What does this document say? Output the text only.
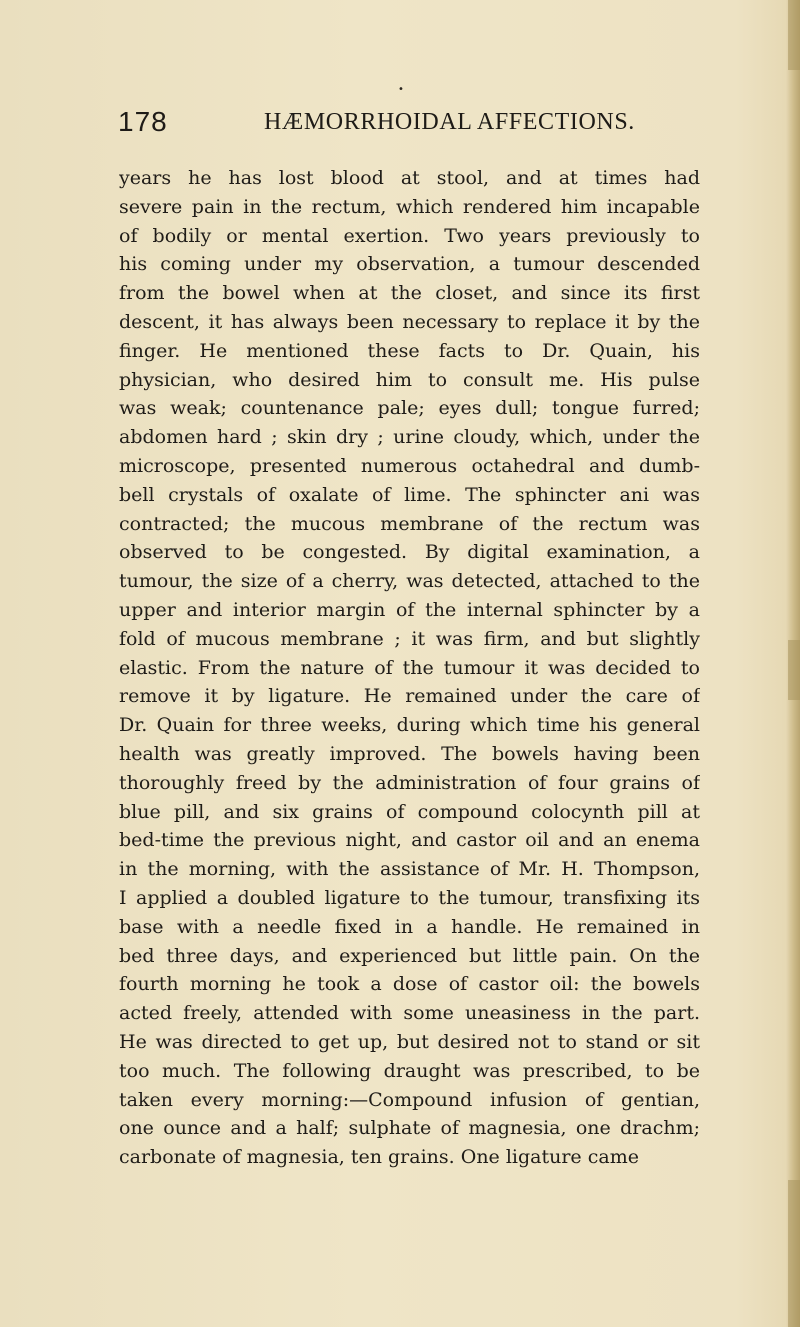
•
178	HÆMORRHOIDAL AFFECTIONS.
years he has lost blood at stool, and at times had
severe pain in the rectum, which rendered him incapable
of bodily or mental exertion. Two years previously to
his coming under my observation, a tumour descended
from the bowel when at the closet, and since its first
descent, it has always been necessary to replace it by the
finger. He mentioned these facts to Dr. Quain, his
physician, who desired him to consult me. His pulse
was weak; countenance pale; eyes dull; tongue furred;
abdomen hard ; skin dry ; urine cloudy, which, under the
microscope, presented numerous octahedral and dumb-
bell crystals of oxalate of lime. The sphincter ani was
contracted; the mucous membrane of the rectum was
observed to be congested. By digital examination, a
tumour, the size of a cherry, was detected, attached to the
upper and interior margin of the internal sphincter by a
fold of mucous membrane ; it was firm, and but slightly
elastic. From the nature of the tumour it was decided to
remove it by ligature. He remained under the care of
Dr. Quain for three weeks, during which time his general
health was greatly improved. The bowels having been
thoroughly freed by the administration of four grains of
blue pill, and six grains of compound colocynth pill at
bed-time the previous night, and castor oil and an enema
in the morning, with the assistance of Mr. H. Thompson,
I applied a doubled ligature to the tumour, transfixing its
base with a needle fixed in a handle. He remained in
bed three days, and experienced but little pain. On the
fourth morning he took a dose of castor oil: the bowels
acted freely, attended with some uneasiness in the part.
He was directed to get up, but desired not to stand or sit
too much. The following draught was prescribed, to be
taken every morning:—Compound infusion of gentian,
one ounce and a half; sulphate of magnesia, one drachm;
carbonate of magnesia, ten grains. One ligature came
